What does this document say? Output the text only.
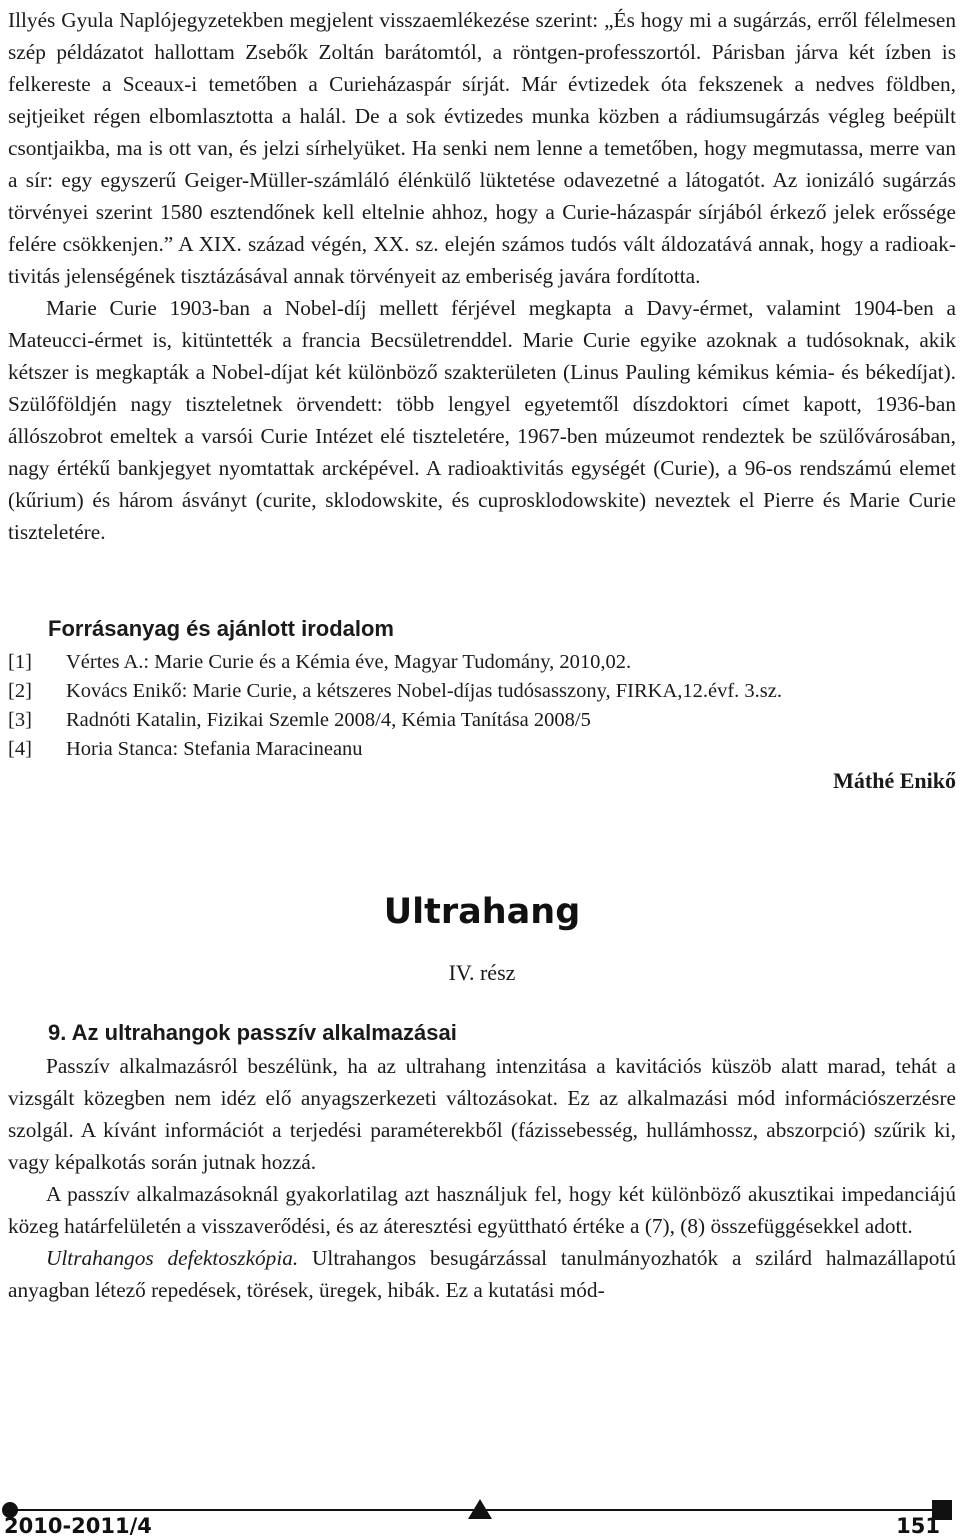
Illyés Gyula Naplójegyzetekben megjelent visszaemlékezése szerint: „És hogy mi a sugárzás, erről félelmesen szép példázatot hallottam Zsebők Zoltán barátomtól, a röntgen-professzortól. Párisban járva két ízben is felkereste a Sceaux-i temetőben a Curieházaspár sírját. Már évtizedek óta fekszenek a nedves földben, sejtjeiket régen elbomlasztotta a halál. De a sok évtizedes munka közben a rádiumsugárzás végleg beépült csontjaikba, ma is ott van, és jelzi sírhelyüket. Ha senki nem lenne a temetőben, hogy megmutassa, merre van a sír: egy egyszerű Geiger-Müller-számláló élénkülő lüktetése odavezetné a látogatót. Az ionizáló sugárzás törvényei szerint 1580 esztendőnek kell eltelnie ahhoz, hogy a Curie-házaspár sírjából érkező jelek erőssége felére csökkenjen.” A XIX. század végén, XX. sz. elején számos tudós vált áldozatává annak, hogy a radioaktivitás jelenségének tisztázásával annak törvényeit az emberiség javára fordította.

Marie Curie 1903-ban a Nobel-díj mellett férjével megkapta a Davy-érmet, valamint 1904-ben a Mateucci-érmet is, kitüntették a francia Becsületrenddel. Marie Curie egyike azoknak a tudósoknak, akik kétszer is megkapták a Nobel-díjat két különböző szakterületen (Linus Pauling kémikus kémia- és békedíjat). Szülőföldjén nagy tiszteletnek örvendett: több lengyel egyetemtől díszdoktori címet kapott, 1936-ban állószobrot emeltek a varsói Curie Intézet elé tiszteletére, 1967-ben múzeumot rendeztek be szülővárosában, nagy értékű bankjegyet nyomtattak arcképével. A radioaktivitás egységét (Curie), a 96-os rendszámú elemet (kűrium) és három ásványt (curite, sklodowskite, és cuprosklodowskite) neveztek el Pierre és Marie Curie tiszteletére.

Forrásanyag és ajánlott irodalom
[1]	Vértes A.: Marie Curie és a Kémia éve, Magyar Tudomány, 2010,02.
[2]	Kovács Enikő: Marie Curie, a kétszeres Nobel-díjas tudósasszony, FIRKA,12.évf. 3.sz.
[3]	Radnóti Katalin, Fizikai Szemle 2008/4, Kémia Tanítása 2008/5
[4]	Horia Stanca: Stefania Maracineanu
Máthé Enikő
Ultrahang
IV. rész
9. Az ultrahangok passzív alkalmazásai

Passzív alkalmazásról beszélünk, ha az ultrahang intenzitása a kavitációs küszöb alatt marad, tehát a vizsgált közegben nem idéz elő anyagszerkezeti változásokat. Ez az alkalmazási mód információszerzésre szolgál. A kívánt információt a terjedési paraméterekből (fázissebesség, hullámhossz, abszorpció) szűrik ki, vagy képalkotás során jutnak hozzá.

A passzív alkalmazásoknál gyakorlatilag azt használjuk fel, hogy két különböző akusztikai impedanciájú közeg határfelületén a visszaverődési, és az áteresztési együttható értéke a (7), (8) összefüggésekkel adott.

Ultrahangos defektoszkópia. Ultrahangos besugárzással tanulmányozhatók a szilárd halmazállapotú anyagban létező repedések, törések, üregek, hibák. Ez a kutatási mód-

2010-2011/4	151
